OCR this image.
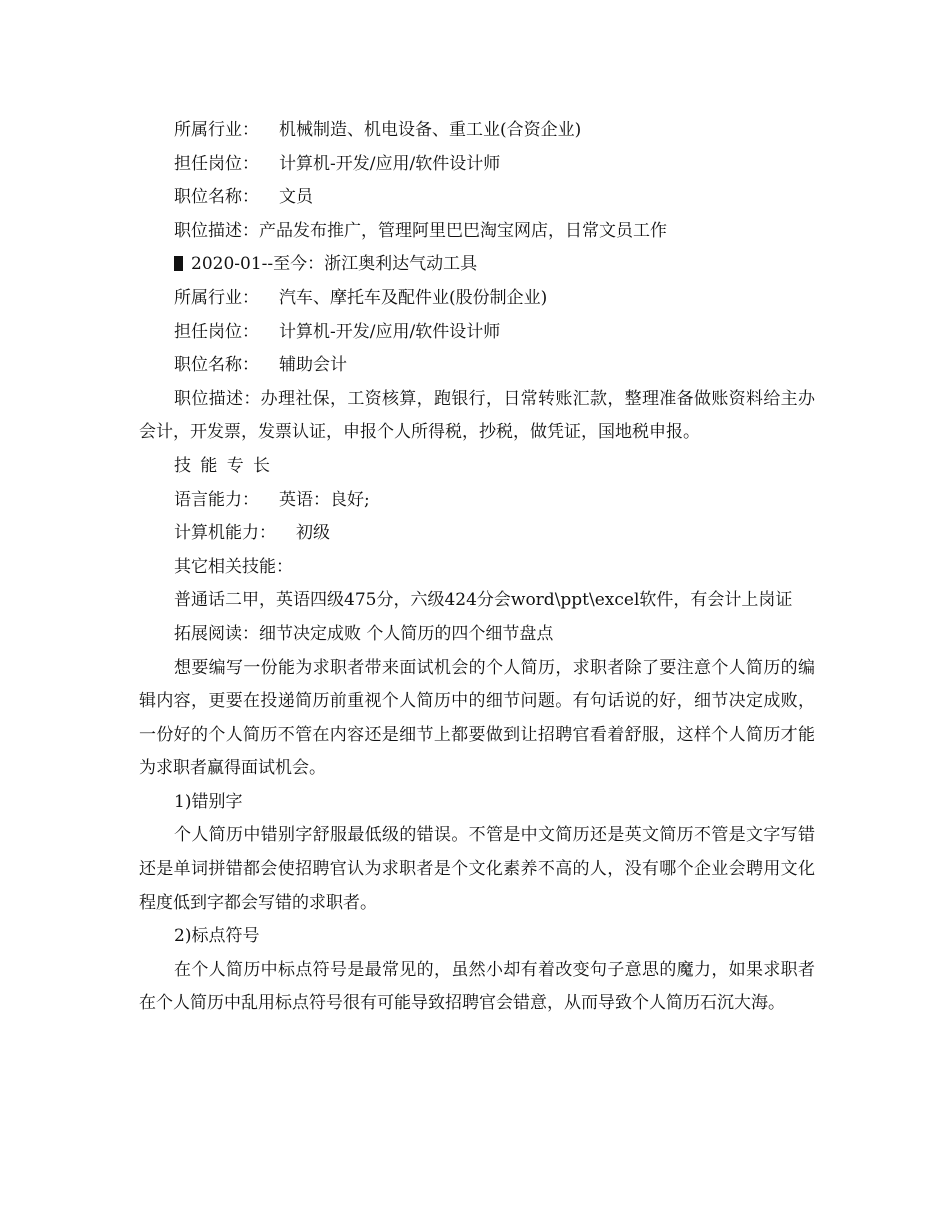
所属行业： 机械制造、机电设备、重工业(合资企业)
担任岗位： 计算机-开发/应用/软件设计师
职位名称： 文员
职位描述：产品发布推广，管理阿里巴巴淘宝网店，日常文员工作
2020-01--至今：浙江奥利达气动工具
所属行业： 汽车、摩托车及配件业(股份制企业)
担任岗位： 计算机-开发/应用/软件设计师
职位名称： 辅助会计

职位描述：办理社保，工资核算，跑银行，日常转账汇款，整理准备做账资料给主办会计，开发票，发票认证，申报个人所得税，抄税，做凭证，国地税申报。

技能专长
语言能力： 英语：良好;
计算机能力： 初级
其它相关技能：

普通话二甲，英语四级475分，六级424分会word\ppt\excel软件，有会计上岗证

拓展阅读：细节决定成败 个人简历的四个细节盘点

想要编写一份能为求职者带来面试机会的个人简历，求职者除了要注意个人简历的编辑内容，更要在投递简历前重视个人简历中的细节问题。有句话说的好，细节决定成败，一份好的个人简历不管在内容还是细节上都要做到让招聘官看着舒服，这样个人简历才能为求职者赢得面试机会。

1)错别字

个人简历中错别字舒服最低级的错误。不管是中文简历还是英文简历不管是文字写错还是单词拼错都会使招聘官认为求职者是个文化素养不高的人，没有哪个企业会聘用文化程度低到字都会写错的求职者。

2)标点符号

在个人简历中标点符号是最常见的，虽然小却有着改变句子意思的魔力，如果求职者在个人简历中乱用标点符号很有可能导致招聘官会错意，从而导致个人简历石沉大海。
